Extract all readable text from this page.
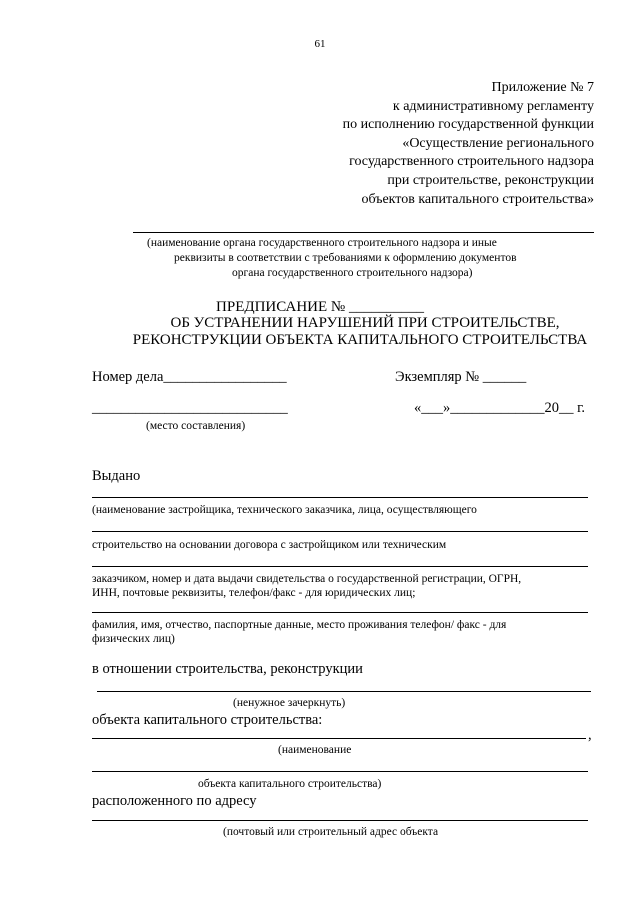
61
Приложение № 7
к административному регламенту
по исполнению государственной функции
«Осуществление регионального
государственного строительного надзора
при строительстве, реконструкции
объектов капитального строительства»
(наименование органа государственного строительного надзора и иные
реквизиты в соответствии с требованиями к оформлению документов
органа государственного строительного надзора)
ПРЕДПИСАНИЕ № __________
ОБ УСТРАНЕНИИ НАРУШЕНИЙ ПРИ СТРОИТЕЛЬСТВЕ,
РЕКОНСТРУКЦИИ ОБЪЕКТА КАПИТАЛЬНОГО СТРОИТЕЛЬСТВА
Номер дела_________________	Экземпляр № ______
___________________________	«___»_____________20__ г.
(место составления)
Выдано
(наименование застройщика, технического заказчика, лица, осуществляющего
строительство на основании договора с застройщиком или техническим
заказчиком, номер и дата выдачи свидетельства о государственной регистрации, ОГРН,
ИНН, почтовые реквизиты, телефон/факс - для юридических лиц;
фамилия, имя, отчество, паспортные данные, место проживания телефон/ факс - для
физических лиц)
в отношении строительства, реконструкции
(ненужное зачеркнуть)
объекта капитального строительства:
,
(наименование
объекта капитального строительства)
расположенного по адресу
(почтовый или строительный адрес объекта
